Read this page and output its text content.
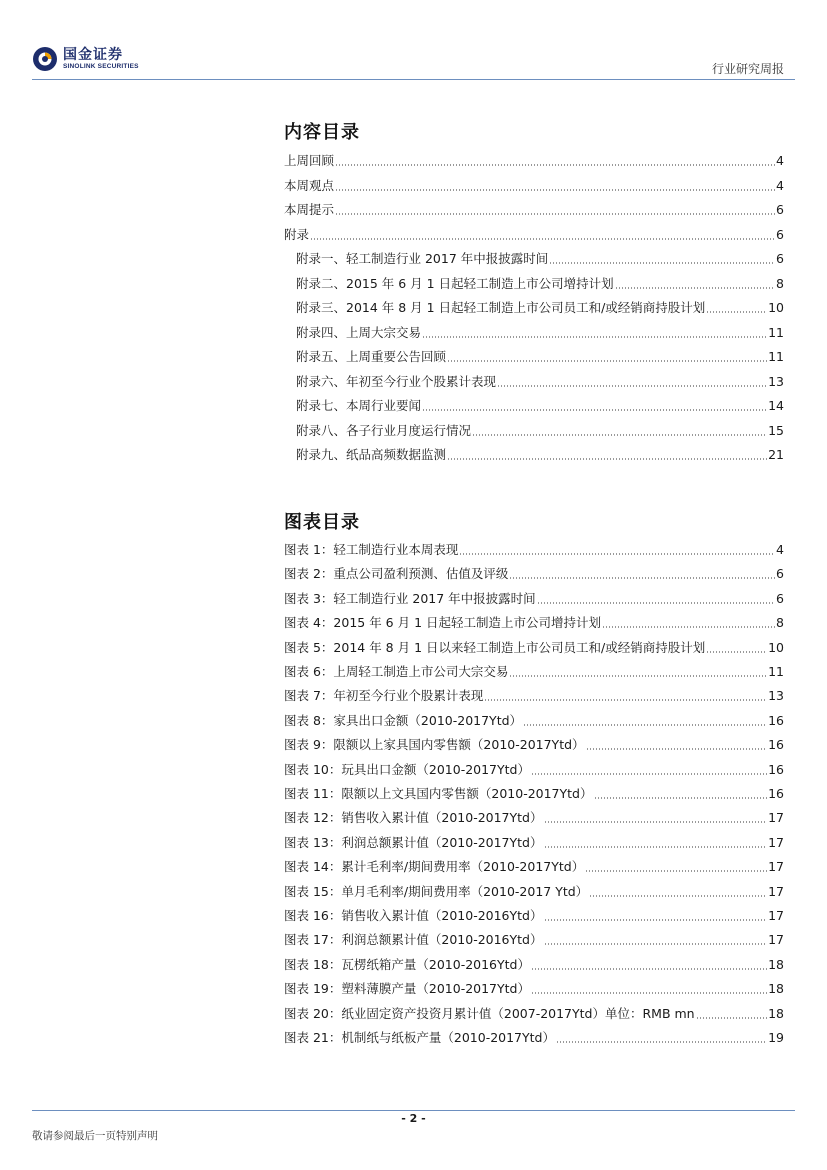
国金证券
SINOLINK SECURITIES	行业研究周报
内容目录
上周回顾	4
本周观点	4
本周提示	6
附录	6
附录一、轻工制造行业 2017 年中报披露时间	6
附录二、2015 年 6 月 1 日起轻工制造上市公司增持计划	8
附录三、2014 年 8 月 1 日起轻工制造上市公司员工和/或经销商持股计划	10
附录四、上周大宗交易	11
附录五、上周重要公告回顾	11
附录六、年初至今行业个股累计表现	13
附录七、本周行业要闻	14
附录八、各子行业月度运行情况	15
附录九、纸品高频数据监测	21
图表目录
图表 1：轻工制造行业本周表现	4
图表 2：重点公司盈利预测、估值及评级	6
图表 3：轻工制造行业 2017 年中报披露时间	6
图表 4：2015 年 6 月 1 日起轻工制造上市公司增持计划	8
图表 5：2014 年 8 月 1 日以来轻工制造上市公司员工和/或经销商持股计划	10
图表 6：上周轻工制造上市公司大宗交易	11
图表 7：年初至今行业个股累计表现	13
图表 8：家具出口金额（2010-2017Ytd）	16
图表 9：限额以上家具国内零售额（2010-2017Ytd）	16
图表 10：玩具出口金额（2010-2017Ytd）	16
图表 11：限额以上文具国内零售额（2010-2017Ytd）	16
图表 12：销售收入累计值（2010-2017Ytd）	17
图表 13：利润总额累计值（2010-2017Ytd）	17
图表 14：累计毛利率/期间费用率（2010-2017Ytd）	17
图表 15：单月毛利率/期间费用率（2010-2017 Ytd）	17
图表 16：销售收入累计值（2010-2016Ytd）	17
图表 17：利润总额累计值（2010-2016Ytd）	17
图表 18：瓦楞纸箱产量（2010-2016Ytd）	18
图表 19：塑料薄膜产量（2010-2017Ytd）	18
图表 20：纸业固定资产投资月累计值（2007-2017Ytd）单位：RMB mn	18
图表 21：机制纸与纸板产量（2010-2017Ytd）	19
- 2 -
敬请参阅最后一页特别声明
